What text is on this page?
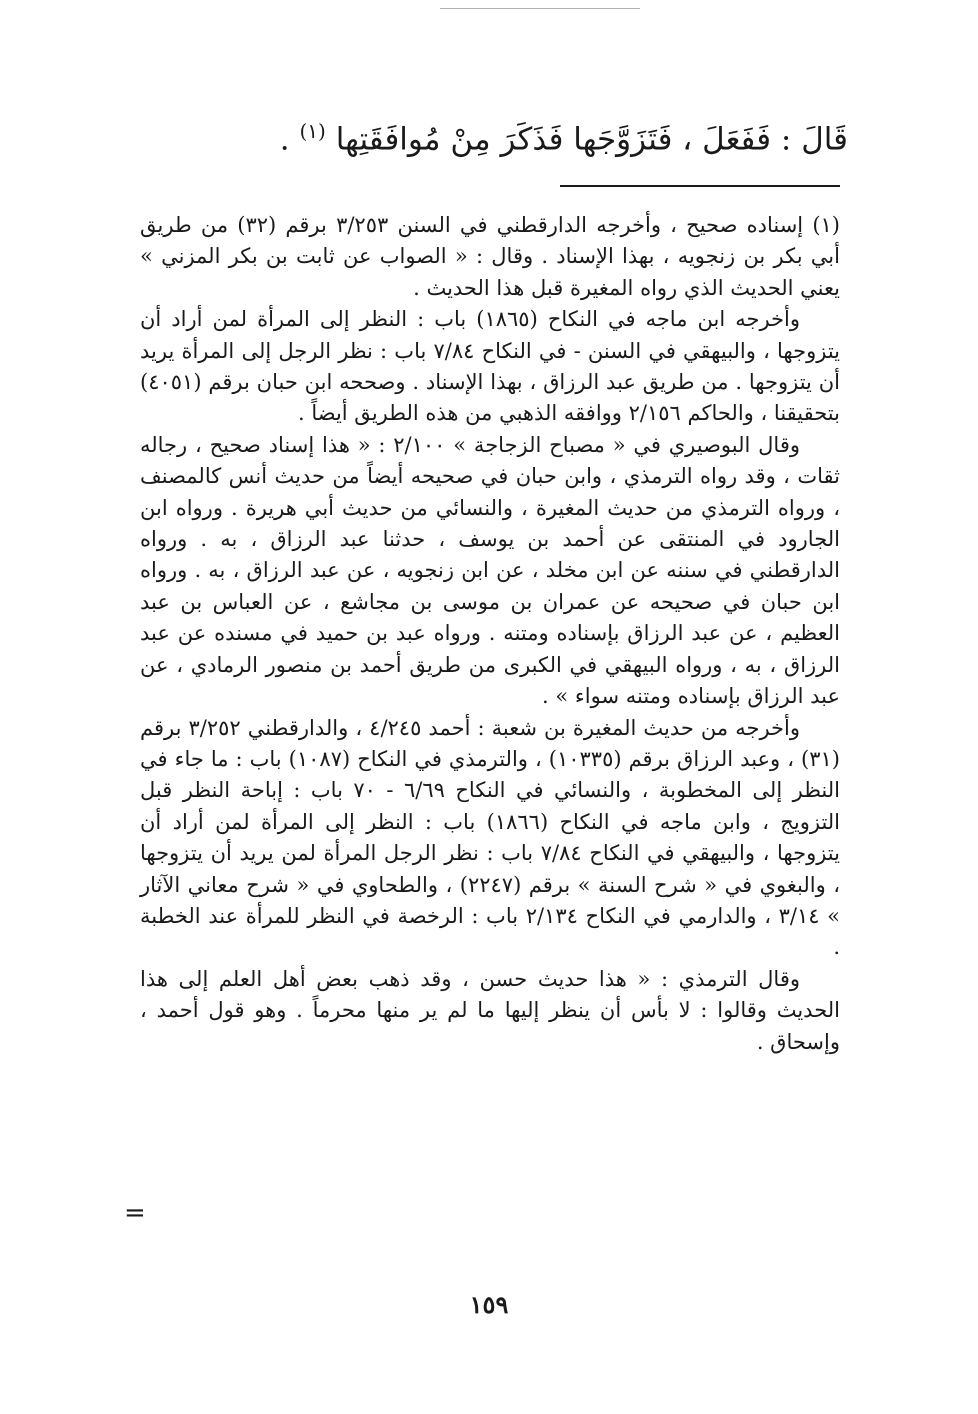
قَالَ : فَفَعَلَ ، فَتَزَوَّجَها فَذَكَرَ مِنْ مُوافَقَتِها $^{(١)}$ .

(١) إسناده صحيح ، وأخرجه الدارقطني في السنن ٣/٢٥٣ برقم (٣٢) من طريق أبي بكر بن زنجويه ، بهذا الإسناد . وقال : « الصواب عن ثابت بن بكر المزني » يعني الحديث الذي رواه المغيرة قبل هذا الحديث .

وأخرجه ابن ماجه في النكاح (١٨٦٥) باب : النظر إلى المرأة لمن أراد أن يتزوجها ، والبيهقي في السنن - في النكاح ٧/٨٤ باب : نظر الرجل إلى المرأة يريد أن يتزوجها . من طريق عبد الرزاق ، بهذا الإسناد . وصححه ابن حبان برقم (٤٠٥١) بتحقيقنا ، والحاكم ٢/١٥٦ ووافقه الذهبي من هذه الطريق أيضاً .

وقال البوصيري في « مصباح الزجاجة » ٢/١٠٠ : « هذا إسناد صحيح ، رجاله ثقات ، وقد رواه الترمذي ، وابن حبان في صحيحه أيضاً من حديث أنس كالمصنف ، ورواه الترمذي من حديث المغيرة ، والنسائي من حديث أبي هريرة . ورواه ابن الجارود في المنتقى عن أحمد بن يوسف ، حدثنا عبد الرزاق ، به . ورواه الدارقطني في سننه عن ابن مخلد ، عن ابن زنجويه ، عن عبد الرزاق ، به . ورواه ابن حبان في صحيحه عن عمران بن موسى بن مجاشع ، عن العباس بن عبد العظيم ، عن عبد الرزاق بإسناده ومتنه . ورواه عبد بن حميد في مسنده عن عبد الرزاق ، به ، ورواه البيهقي في الكبرى من طريق أحمد بن منصور الرمادي ، عن عبد الرزاق بإسناده ومتنه سواء » .

وأخرجه من حديث المغيرة بن شعبة : أحمد ٤/٢٤٥ ، والدارقطني ٣/٢٥٢ برقم (٣١) ، وعبد الرزاق برقم (١٠٣٣٥) ، والترمذي في النكاح (١٠٨٧) باب : ما جاء في النظر إلى المخطوبة ، والنسائي في النكاح ٦/٦٩ - ٧٠ باب : إباحة النظر قبل التزويج ، وابن ماجه في النكاح (١٨٦٦) باب : النظر إلى المرأة لمن أراد أن يتزوجها ، والبيهقي في النكاح ٧/٨٤ باب : نظر الرجل المرأة لمن يريد أن يتزوجها ، والبغوي في « شرح السنة » برقم (٢٢٤٧) ، والطحاوي في « شرح معاني الآثار » ٣/١٤ ، والدارمي في النكاح ٢/١٣٤ باب : الرخصة في النظر للمرأة عند الخطبة .

وقال الترمذي : « هذا حديث حسن ، وقد ذهب بعض أهل العلم إلى هذا الحديث وقالوا : لا بأس أن ينظر إليها ما لم ير منها محرماً . وهو قول أحمد ، وإسحاق .

=
١٥٩
